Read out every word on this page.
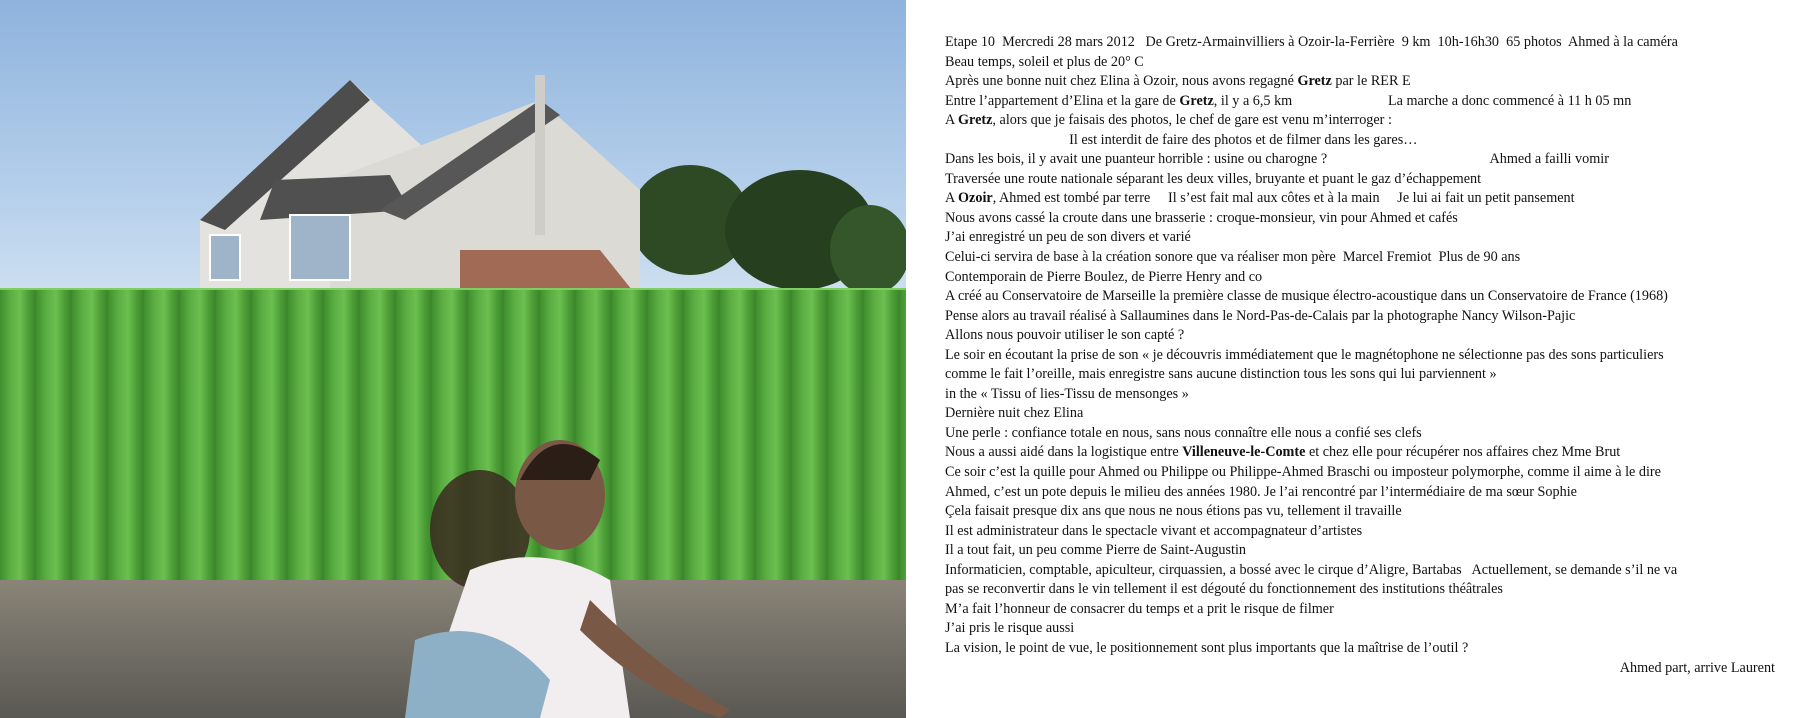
Etape 10  Mercredi 28 mars 2012   De Gretz-Armainvilliers à Ozoir-la-Ferrière  9 km  10h-16h30  65 photos  Ahmed à la caméra
Beau temps, soleil et plus de 20° C
Après une bonne nuit chez Elina à Ozoir, nous avons regagné Gretz par le RER E
Entre l’appartement d’Elina et la gare de Gretz, il y a 6,5 km                           La marche a donc commencé à 11 h 05 mn
A Gretz, alors que je faisais des photos, le chef de gare est venu m’interroger :
Il est interdit de faire des photos et de filmer dans les gares…
Dans les bois, il y avait une puanteur horrible : usine ou charogne ?                                              Ahmed a failli vomir
Traversée une route nationale séparant les deux villes, bruyante et puant le gaz d’échappement
A Ozoir, Ahmed est tombé par terre     Il s’est fait mal aux côtes et à la main     Je lui ai fait un petit pansement
Nous avons cassé la croute dans une brasserie : croque-monsieur, vin pour Ahmed et cafés
J’ai enregistré un peu de son divers et varié
Celui-ci servira de base à la création sonore que va réaliser mon père  Marcel Fremiot  Plus de 90 ans
Contemporain de Pierre Boulez, de Pierre Henry and co
A créé au Conservatoire de Marseille la première classe de musique électro-acoustique dans un Conservatoire de France (1968)
Pense alors au travail réalisé à Sallaumines dans le Nord-Pas-de-Calais par la photographe Nancy Wilson-Pajic
Allons nous pouvoir utiliser le son capté ?
Le soir en écoutant la prise de son « je découvris immédiatement que le magnétophone ne sélectionne pas des sons particuliers
comme le fait l’oreille, mais enregistre sans aucune distinction tous les sons qui lui parviennent »
in the « Tissu of lies-Tissu de mensonges »
Dernière nuit chez Elina
Une perle : confiance totale en nous, sans nous connaître elle nous a confié ses clefs
Nous a aussi aidé dans la logistique entre Villeneuve-le-Comte et chez elle pour récupérer nos affaires chez Mme Brut
Ce soir c’est la quille pour Ahmed ou Philippe ou Philippe-Ahmed Braschi ou imposteur polymorphe, comme il aime à le dire
Ahmed, c’est un pote depuis le milieu des années 1980. Je l’ai rencontré par l’intermédiaire de ma sœur Sophie
Çela faisait presque dix ans que nous ne nous étions pas vu, tellement il travaille
Il est administrateur dans le spectacle vivant et accompagnateur d’artistes
Il a tout fait, un peu comme Pierre de Saint-Augustin
Informaticien, comptable, apiculteur, cirquassien, a bossé avec le cirque d’Aligre, Bartabas   Actuellement, se demande s’il ne va
pas se reconvertir dans le vin tellement il est dégouté du fonctionnement des institutions théâtrales
M’a fait l’honneur de consacrer du temps et a prit le risque de filmer
J’ai pris le risque aussi
La vision, le point de vue, le positionnement sont plus importants que la maîtrise de l’outil ?
Ahmed part, arrive Laurent
